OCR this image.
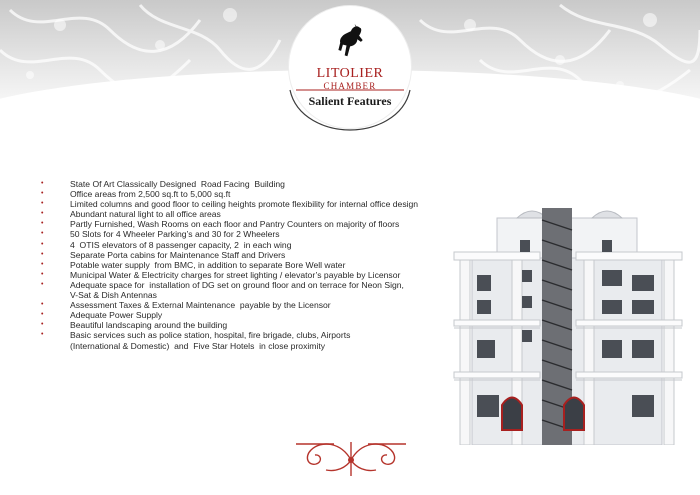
LITOLIER
CHAMBER
Salient Features
•	State Of Art Classically Designed  Road Facing  Building
•	Office areas from 2,500 sq.ft to 5,000 sq.ft
•	Limited columns and good floor to ceiling heights promote flexibility for internal office design
•	Abundant natural light to all office areas
•	Partly Furnished, Wash Rooms on each floor and Pantry Counters on majority of floors
•	50 Slots for 4 Wheeler Parking’s and 30 for 2 Wheelers
•	4  OTIS elevators of 8 passenger capacity, 2  in each wing
•	Separate Porta cabins for Maintenance Staff and Drivers
•	Potable water supply  from BMC, in addition to separate Bore Well water
•	Municipal Water & Electricity charges for street lighting / elevator’s payable by Licensor
•	Adequate space for  installation of DG set on ground floor and on terrace for Neon Sign,
V-Sat & Dish Antennas
•	Assessment Taxes & External Maintenance  payable by the Licensor
•	Adequate Power Supply
•	Beautiful landscaping around the building
•	Basic services such as police station, hospital, fire brigade, clubs, Airports
(International & Domestic)  and  Five Star Hotels  in close proximity
